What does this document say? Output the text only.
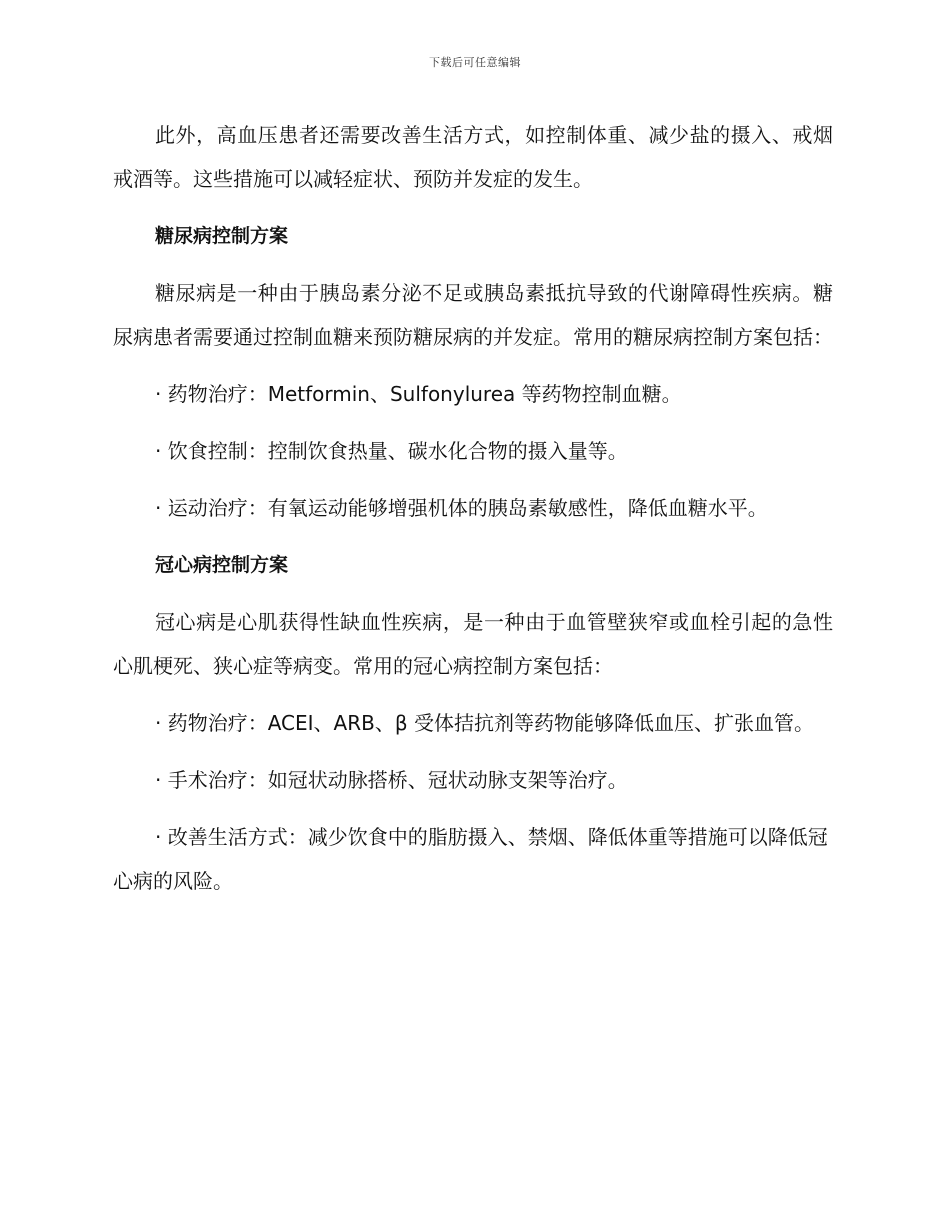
下载后可任意编辑

此外，高血压患者还需要改善生活方式，如控制体重、减少盐的摄入、戒烟戒酒等。这些措施可以减轻症状、预防并发症的发生。

糖尿病控制方案

糖尿病是一种由于胰岛素分泌不足或胰岛素抵抗导致的代谢障碍性疾病。糖尿病患者需要通过控制血糖来预防糖尿病的并发症。常用的糖尿病控制方案包括：

· 药物治疗：Metformin、Sulfonylurea 等药物控制血糖。

· 饮食控制：控制饮食热量、碳水化合物的摄入量等。

· 运动治疗：有氧运动能够增强机体的胰岛素敏感性，降低血糖水平。

冠心病控制方案

冠心病是心肌获得性缺血性疾病，是一种由于血管壁狭窄或血栓引起的急性心肌梗死、狭心症等病变。常用的冠心病控制方案包括：

· 药物治疗：ACEI、ARB、β 受体拮抗剂等药物能够降低血压、扩张血管。

· 手术治疗：如冠状动脉搭桥、冠状动脉支架等治疗。

· 改善生活方式：减少饮食中的脂肪摄入、禁烟、降低体重等措施可以降低冠心病的风险。
